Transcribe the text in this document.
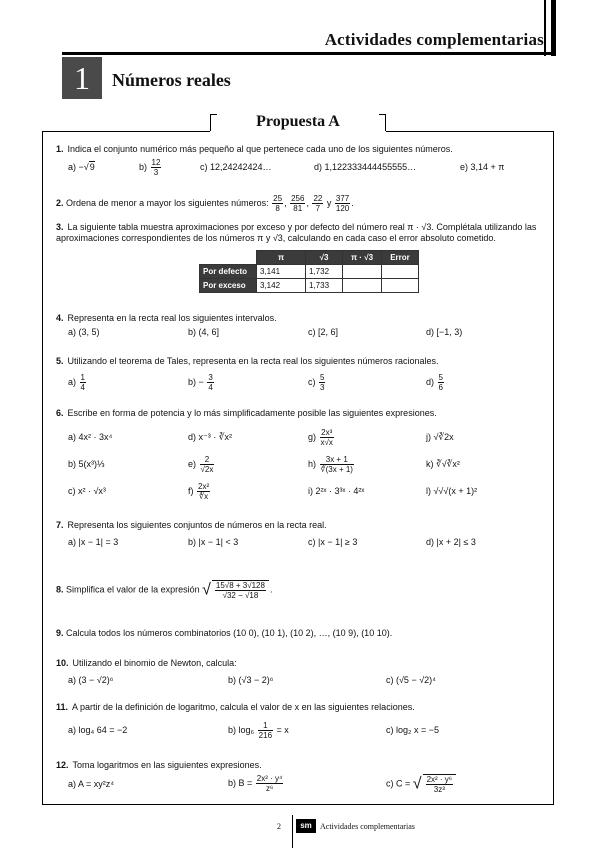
Actividades complementarias
1	Números reales
Propuesta A
1. Indica el conjunto numérico más pequeño al que pertenece cada uno de los siguientes números.
a) −√9	$b) \frac{12}{3}$	c) 12,24242424…	d) 1,122333444455555…	e) 3,14 + π
2. Ordena de menor a mayor los siguientes números: $\frac{25}{8}$ , $\frac{256}{81}$ , $\frac{22}{7}$ y $\frac{377}{120}$ .
3. La siguiente tabla muestra aproximaciones por exceso y por defecto del número real π · √3. Complétala utilizando las aproximaciones correspondientes de los números π y √3, calculando en cada caso el error absoluto cometido.
	π	√3	π · √3	Error
Por defecto	3,141	1,732		
Por exceso	3,142	1,733		
4. Representa en la recta real los siguientes intervalos.
a) (3, 5)	b) (4, 6]	c) [2, 6]	d) [−1, 3)
5. Utilizando el teorema de Tales, representa en la recta real los siguientes números racionales.
$a) \frac{1}{4}$	$b) - \frac{3}{4}$	$c) \frac{5}{3}$	$d) \frac{5}{6}$
6. Escribe en forma de potencia y lo más simplificadamente posible las siguientes expresiones.
a) 4x² · 3x⁴
b) 5(x³)⅓
c) x² · √x³
d) x⁻³ · ∛x²
$e) \frac{2}{√2x}$
$f) \frac{\text{2x²}}{∜x}$
$g) \frac{\text{2x³}}{x√x}$
$h) \frac{3x + 1}{∛(3x + 1)}$
i) 2²ˣ · 3³ˣ · 4²ˣ
j) √∛2x
k) ∛√∛x²
l) √√√(x + 1)²
7. Representa los siguientes conjuntos de números en la recta real.
a) |x − 1| = 3	b) |x − 1| < 3	c) |x − 1| ≥ 3	d) |x + 2| ≤ 3
8. Simplifica el valor de la expresión √ $\frac{15√8 + 3√128}{√32 - √18}$ .
9. Calcula todos los números combinatorios (10 0), (10 1), (10 2), …, (10 9), (10 10).
10. Utilizando el binomio de Newton, calcula:
a) (3 − √2)⁶	b) (√3 − 2)⁶	c) (√5 − √2)⁴
11. A partir de la definición de logaritmo, calcula el valor de x en las siguientes relaciones.
a) log₄ 64 = −2	b) $\log_6 \frac{1}{216} = x$	c) log₂ x = −5
12. Toma logaritmos en las siguientes expresiones.
a) A = xy²z⁴	b) $B = \frac{\text{2x² · y⁴}}{\text{z⁶}}$	c) C = √ $\frac{\text{2x² · y⁶}}{\text{3z³}}$
2	sm	Actividades complementarias
